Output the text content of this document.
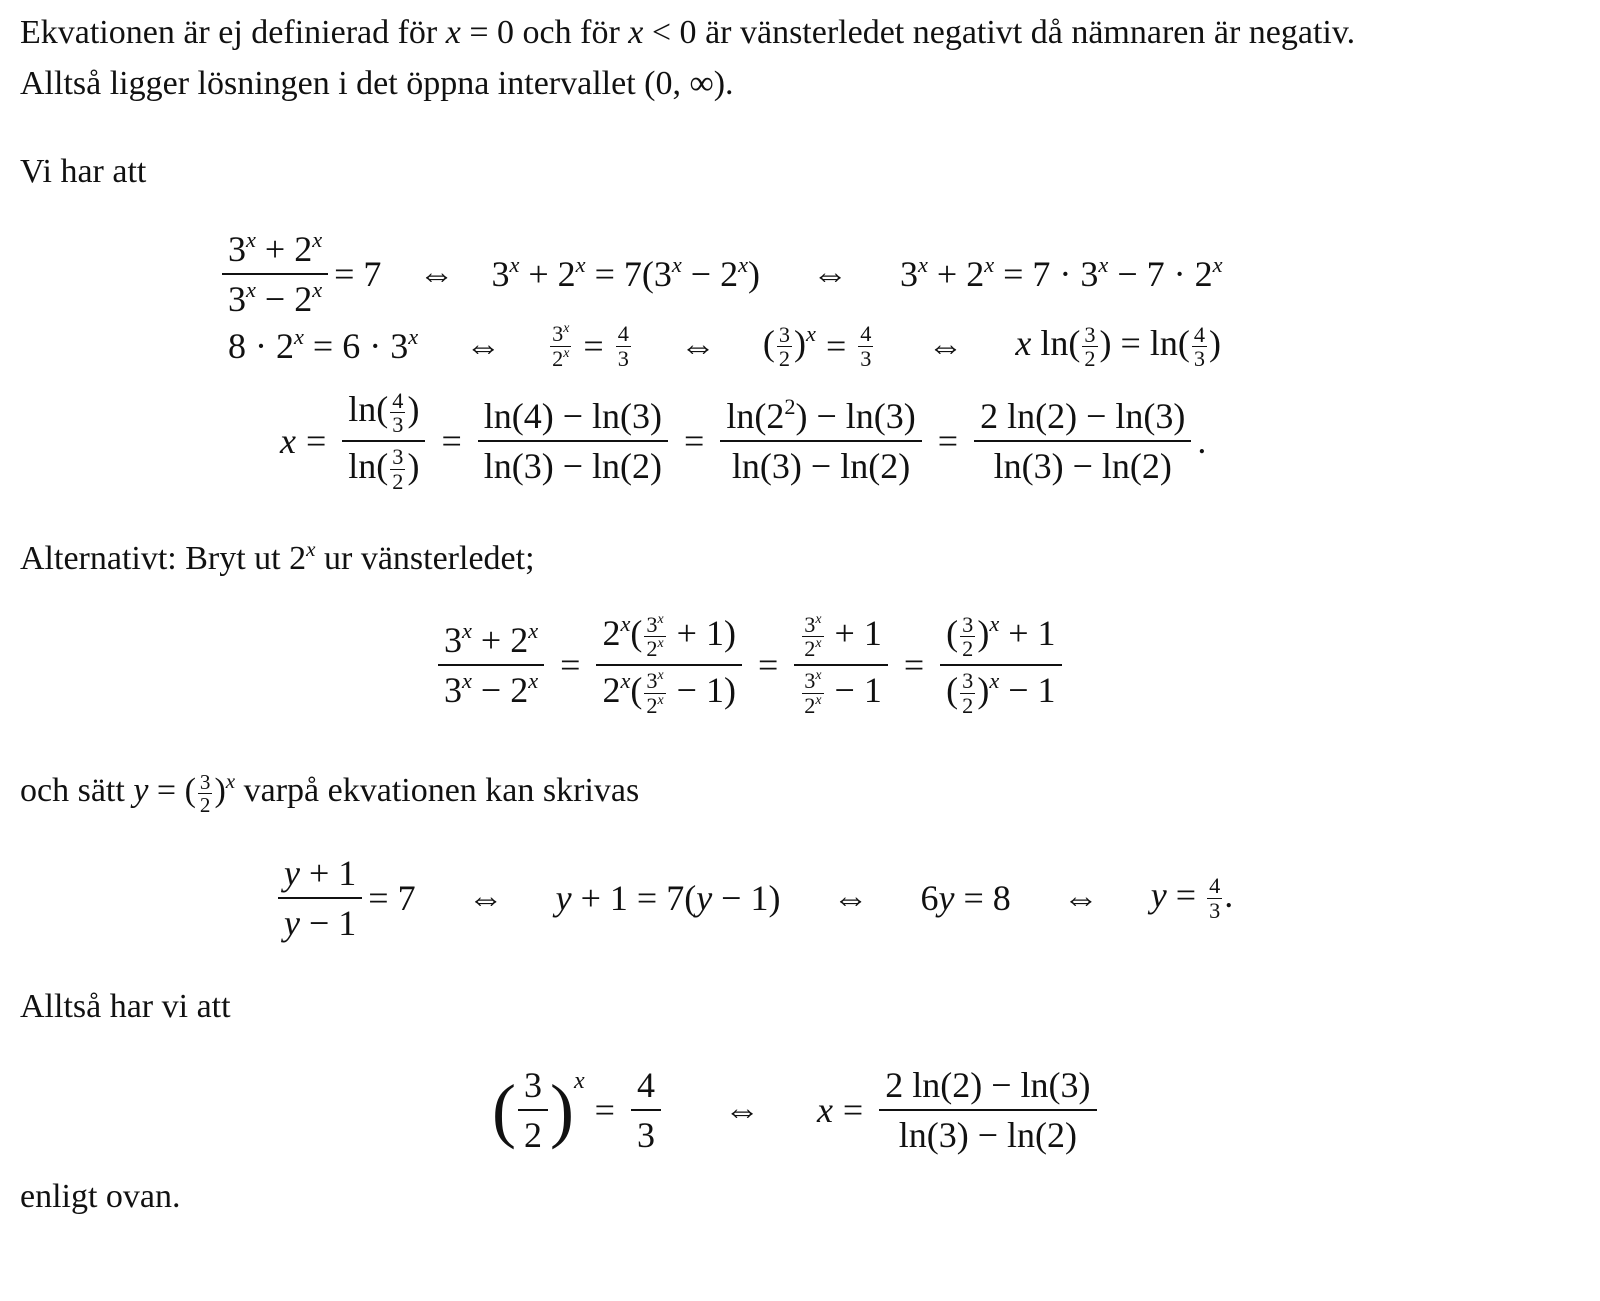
Ekvationen är ej definierad för x = 0 och för x < 0 är vänsterledet negativt då nämnaren är negativ.
Alltså ligger lösningen i det öppna intervallet (0, ∞).
Vi har att
$\frac{3^x + 2^x}{3^x - 2^x} = 7$	⇔	$3^x + 2^x = 7(3^x - 2^x)$	⇔	$3^x + 2^x = 7 \cdot 3^x - 7 \cdot 2^x$
$8 \cdot 2^x = 6 \cdot 3^x$	⇔	$\frac{3^x}{2^x} = \frac{4}{3}$	⇔	( $\frac{3}{2} )^x = \frac{4}{3}$	⇔	x $\ln( \frac{3}{2}$ ) = $\ln( \frac{4}{3}$ )
$x = \frac{\ln( \frac{4}{3} )}{\ln( \frac{3}{2} )} = \frac{\ln(4) - \ln(3)}{\ln(3) - \ln(2)} = \frac{\ln(2^2) - \ln(3)}{\ln(3) - \ln(2)} = \frac{2 \ln(2) - \ln(3)}{\ln(3) - \ln(2)}$ .
Alternativt: Bryt ut 2$^x$ ur vänsterledet;
$\frac{3^x + 2^x}{3^x - 2^x} = \frac{2^x( \frac{3^x}{2^x} + 1)}{2^x( \frac{3^x}{2^x} - 1)} = \frac{\frac{3^x}{2^x} + 1}{\frac{3^x}{2^x} - 1} = \frac{( \frac{3}{2} )^x + 1}{( \frac{3}{2} )^x - 1}$
och sätt y = ( $\frac{3}{2} )^x$ varpå ekvationen kan skrivas
$\frac{y + 1}{y - 1} = 7$	⇔	y + 1 = 7(y − 1)	⇔	6y = 8	⇔	$y = \frac{4}{3}$ .
Alltså har vi att
( $\frac{3}{2} )^x$
= $\frac{4}{3}$	⇔	$x = \frac{2 \ln(2) - \ln(3)}{\ln(3) - \ln(2)}$
enligt ovan.
